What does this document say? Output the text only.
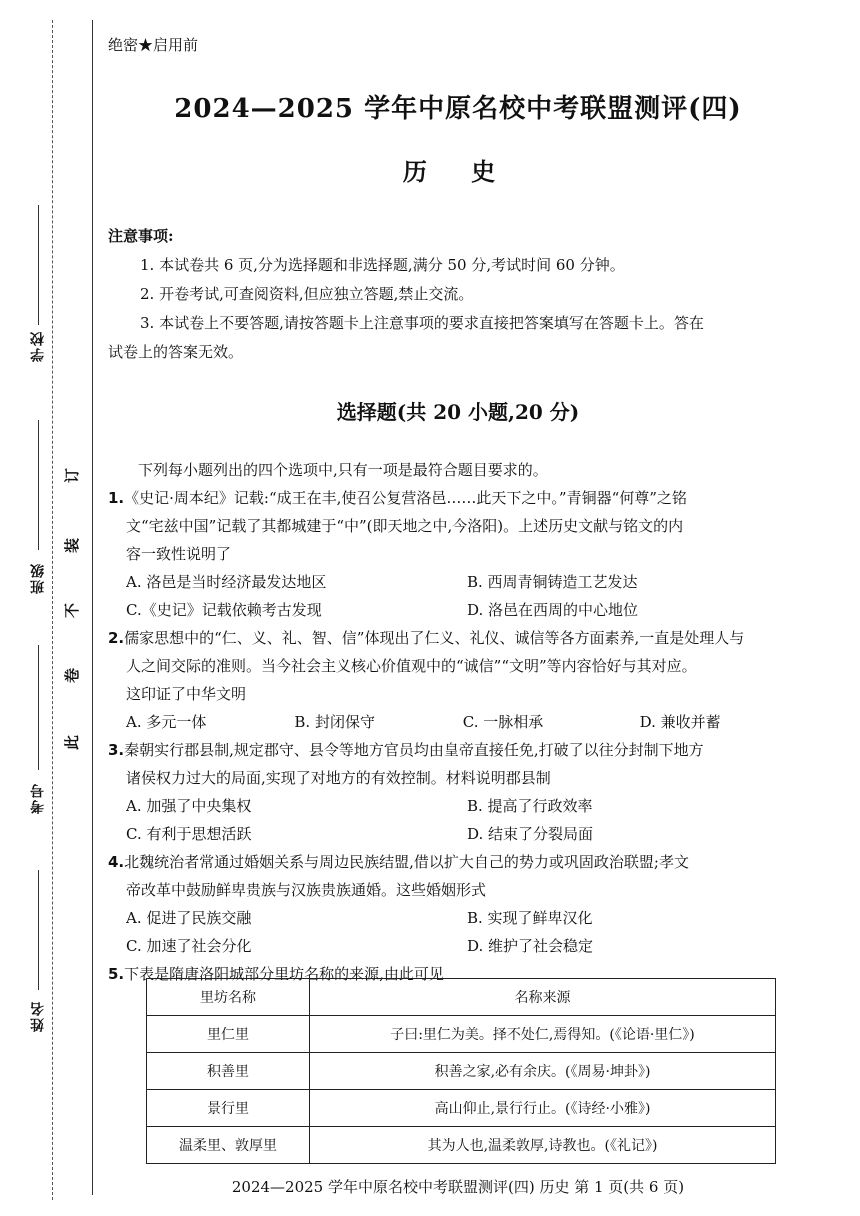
学校
班级
考号
姓名
订
装
不
卷
此
绝密★启用前
2024—2025 学年中原名校中考联盟测评(四)
历 史
注意事项:

1. 本试卷共 6 页,分为选择题和非选择题,满分 50 分,考试时间 60 分钟。

2. 开卷考试,可查阅资料,但应独立答题,禁止交流。

3. 本试卷上不要答题,请按答题卡上注意事项的要求直接把答案填写在答题卡上。答在

试卷上的答案无效。

选择题(共 20 小题,20 分)

下列每小题列出的四个选项中,只有一项是最符合题目要求的。

1.《史记·周本纪》记载:“成王在丰,使召公复营洛邑……此天下之中。”青铜器“何尊”之铭

文“宅兹中国”记载了其都城建于“中”(即天地之中,今洛阳)。上述历史文献与铭文的内

容一致性说明了

A. 洛邑是当时经济最发达地区	B. 西周青铜铸造工艺发达
C.《史记》记载依赖考古发现	D. 洛邑在西周的中心地位

2.儒家思想中的“仁、义、礼、智、信”体现出了仁义、礼仪、诚信等各方面素养,一直是处理人与

人之间交际的准则。当今社会主义核心价值观中的“诚信”“文明”等内容恰好与其对应。

这印证了中华文明

A. 多元一体	B. 封闭保守	C. 一脉相承	D. 兼收并蓄

3.秦朝实行郡县制,规定郡守、县令等地方官员均由皇帝直接任免,打破了以往分封制下地方

诸侯权力过大的局面,实现了对地方的有效控制。材料说明郡县制

A. 加强了中央集权	B. 提高了行政效率
C. 有利于思想活跃	D. 结束了分裂局面

4.北魏统治者常通过婚姻关系与周边民族结盟,借以扩大自己的势力或巩固政治联盟;孝文

帝改革中鼓励鲜卑贵族与汉族贵族通婚。这些婚姻形式

A. 促进了民族交融	B. 实现了鲜卑汉化
C. 加速了社会分化	D. 维护了社会稳定

5.下表是隋唐洛阳城部分里坊名称的来源,由此可见

里坊名称	名称来源
里仁里	子曰:里仁为美。择不处仁,焉得知。(《论语·里仁》)
积善里	积善之家,必有余庆。(《周易·坤卦》)
景行里	高山仰止,景行行止。(《诗经·小雅》)
温柔里、敦厚里	其为人也,温柔敦厚,诗教也。(《礼记》)
2024—2025 学年中原名校中考联盟测评(四) 历史 第 1 页(共 6 页)
